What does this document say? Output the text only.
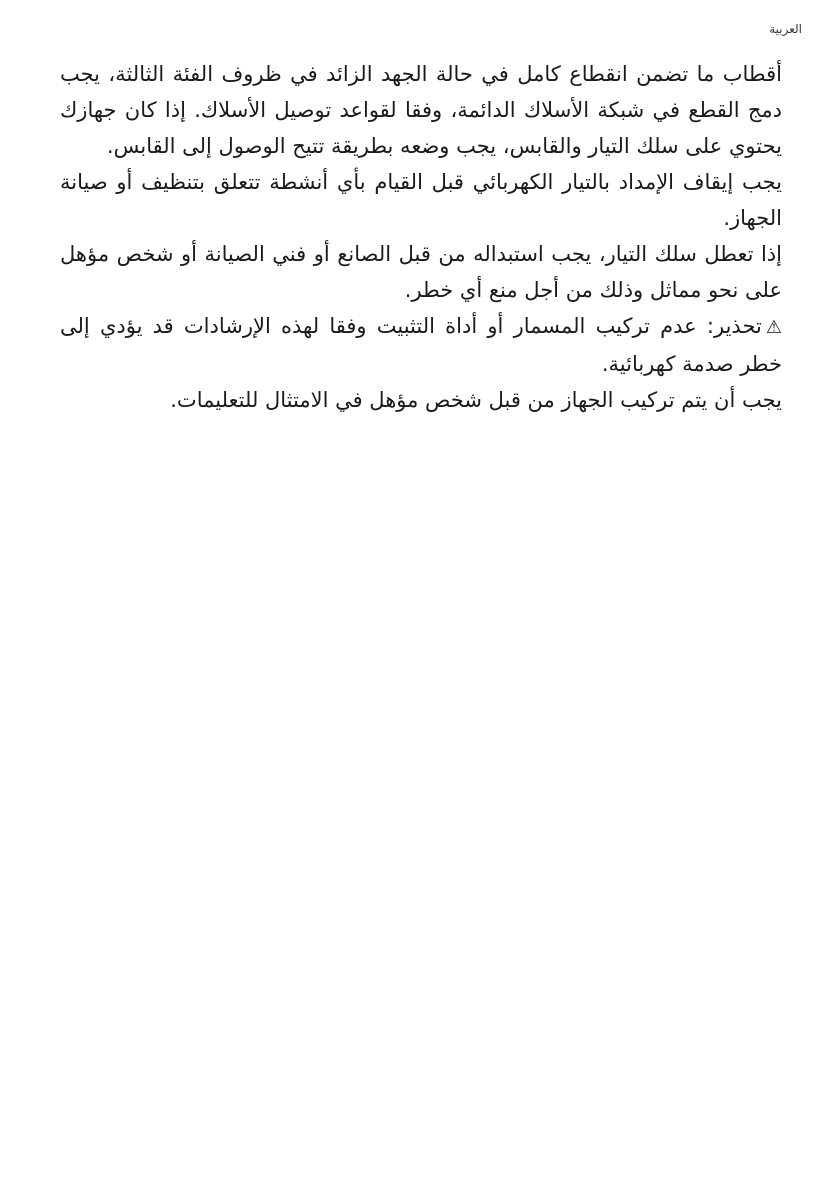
العربية

أقطاب ما تضمن انقطاع كامل في حالة الجهد الزائد في ظروف الفئة الثالثة، يجب دمج القطع في شبكة الأسلاك الدائمة، وفقا لقواعد توصيل الأسلاك. إذا كان جهازك يحتوي على سلك التيار والقابس، يجب وضعه بطريقة تتيح الوصول إلى القابس.

يجب إيقاف الإمداد بالتيار الكهربائي قبل القيام بأي أنشطة تتعلق بتنظيف أو صيانة الجهاز.

إذا تعطل سلك التيار، يجب استبداله من قبل الصانع أو فني الصيانة أو شخص مؤهل على نحو مماثل وذلك من أجل منع أي خطر.

⚠تحذير: عدم تركيب المسمار أو أداة التثبيت وفقا لهذه الإرشادات قد يؤدي إلى خطر صدمة كهربائية.

يجب أن يتم تركيب الجهاز من قبل شخص مؤهل في الامتثال للتعليمات.
